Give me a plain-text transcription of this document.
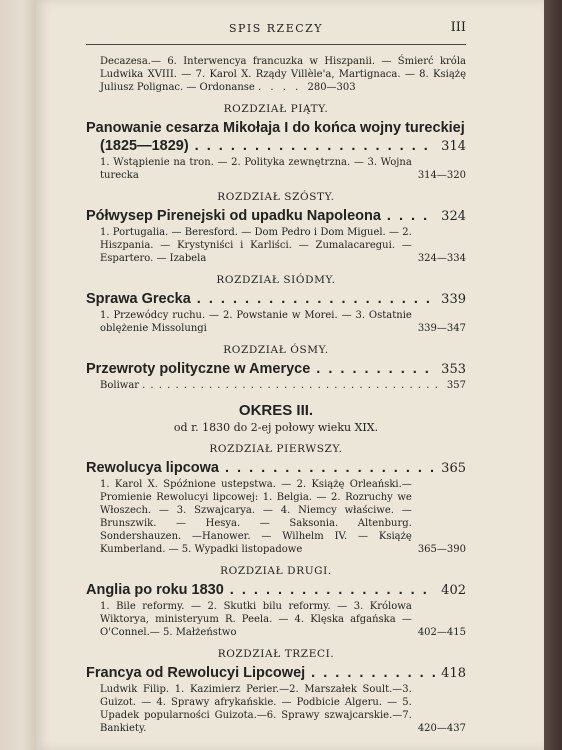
SPIS RZECZY	III
Decazesa.— 6. Interwencya francuzka w Hiszpanii. — Śmierć króla Ludwika XVIII. — 7. Karol X. Rządy Villèle'a, Martignaca. — 8. Książę Juliusz Polignac. — Ordonanse . . . . 280—303
ROZDZIAŁ PIĄTY.
Panowanie cesarza Mikołaja I do końca wojny tureckiej
(1825—1829) . . .	314
1. Wstąpienie na tron. — 2. Polityka zewnętrzna. — 3. Wojna turecka	314—320
ROZDZIAŁ SZÓSTY.
Półwysep Pirenejski od upadku Napoleona . . .	324
1. Portugalia. — Beresford. — Dom Pedro i Dom Miguel. — 2. Hiszpania. — Krystyniści i Karliści. — Zumalacaregui. — Espartero. — Izabela	324—334
ROZDZIAŁ SIÓDMY.
Sprawa Grecka . . .	339
1. Przewódcy ruchu. — 2. Powstanie w Morei. — 3. Ostatnie oblężenie Missolungi	339—347
ROZDZIAŁ ÓSMY.
Przewroty polityczne w Ameryce . . .	353
Boliwar . . .	357
OKRES III.
od r. 1830 do 2-ej połowy wieku XIX.
ROZDZIAŁ PIERWSZY.
Rewolucya lipcowa . . .	365
1. Karol X. Spóźnione ustepstwa. — 2. Książę Orleański.—Promienie Rewolucyi lipcowej: 1. Belgia. — 2. Rozruchy we Włoszech. — 3. Szwajcarya. — 4. Niemcy właściwe. — Brunszwik. — Hesya. — Saksonia. Altenburg. Sondershauzen. —Hanower. — Wilhelm IV. — Książę Kumberland. — 5. Wypadki listopadowe	365—390
ROZDZIAŁ DRUGI.
Anglia po roku 1830 . . .	402
1. Bile reformy. — 2. Skutki bilu reformy. — 3. Królowa Wiktorya, ministeryum R. Peela. — 4. Klęska afgańska — O'Connel.— 5. Małżeństwo	402—415
ROZDZIAŁ TRZECI.
Francya od Rewolucyi Lipcowej . . .	418
Ludwik Filip. 1. Kazimierz Perier.—2. Marszałek Soult.—3. Guizot. — 4. Sprawy afrykańskie. — Podbicie Algeru. — 5. Upadek popularności Guizota.—6. Sprawy szwajcarskie.—7. Bankiety.	420—437
